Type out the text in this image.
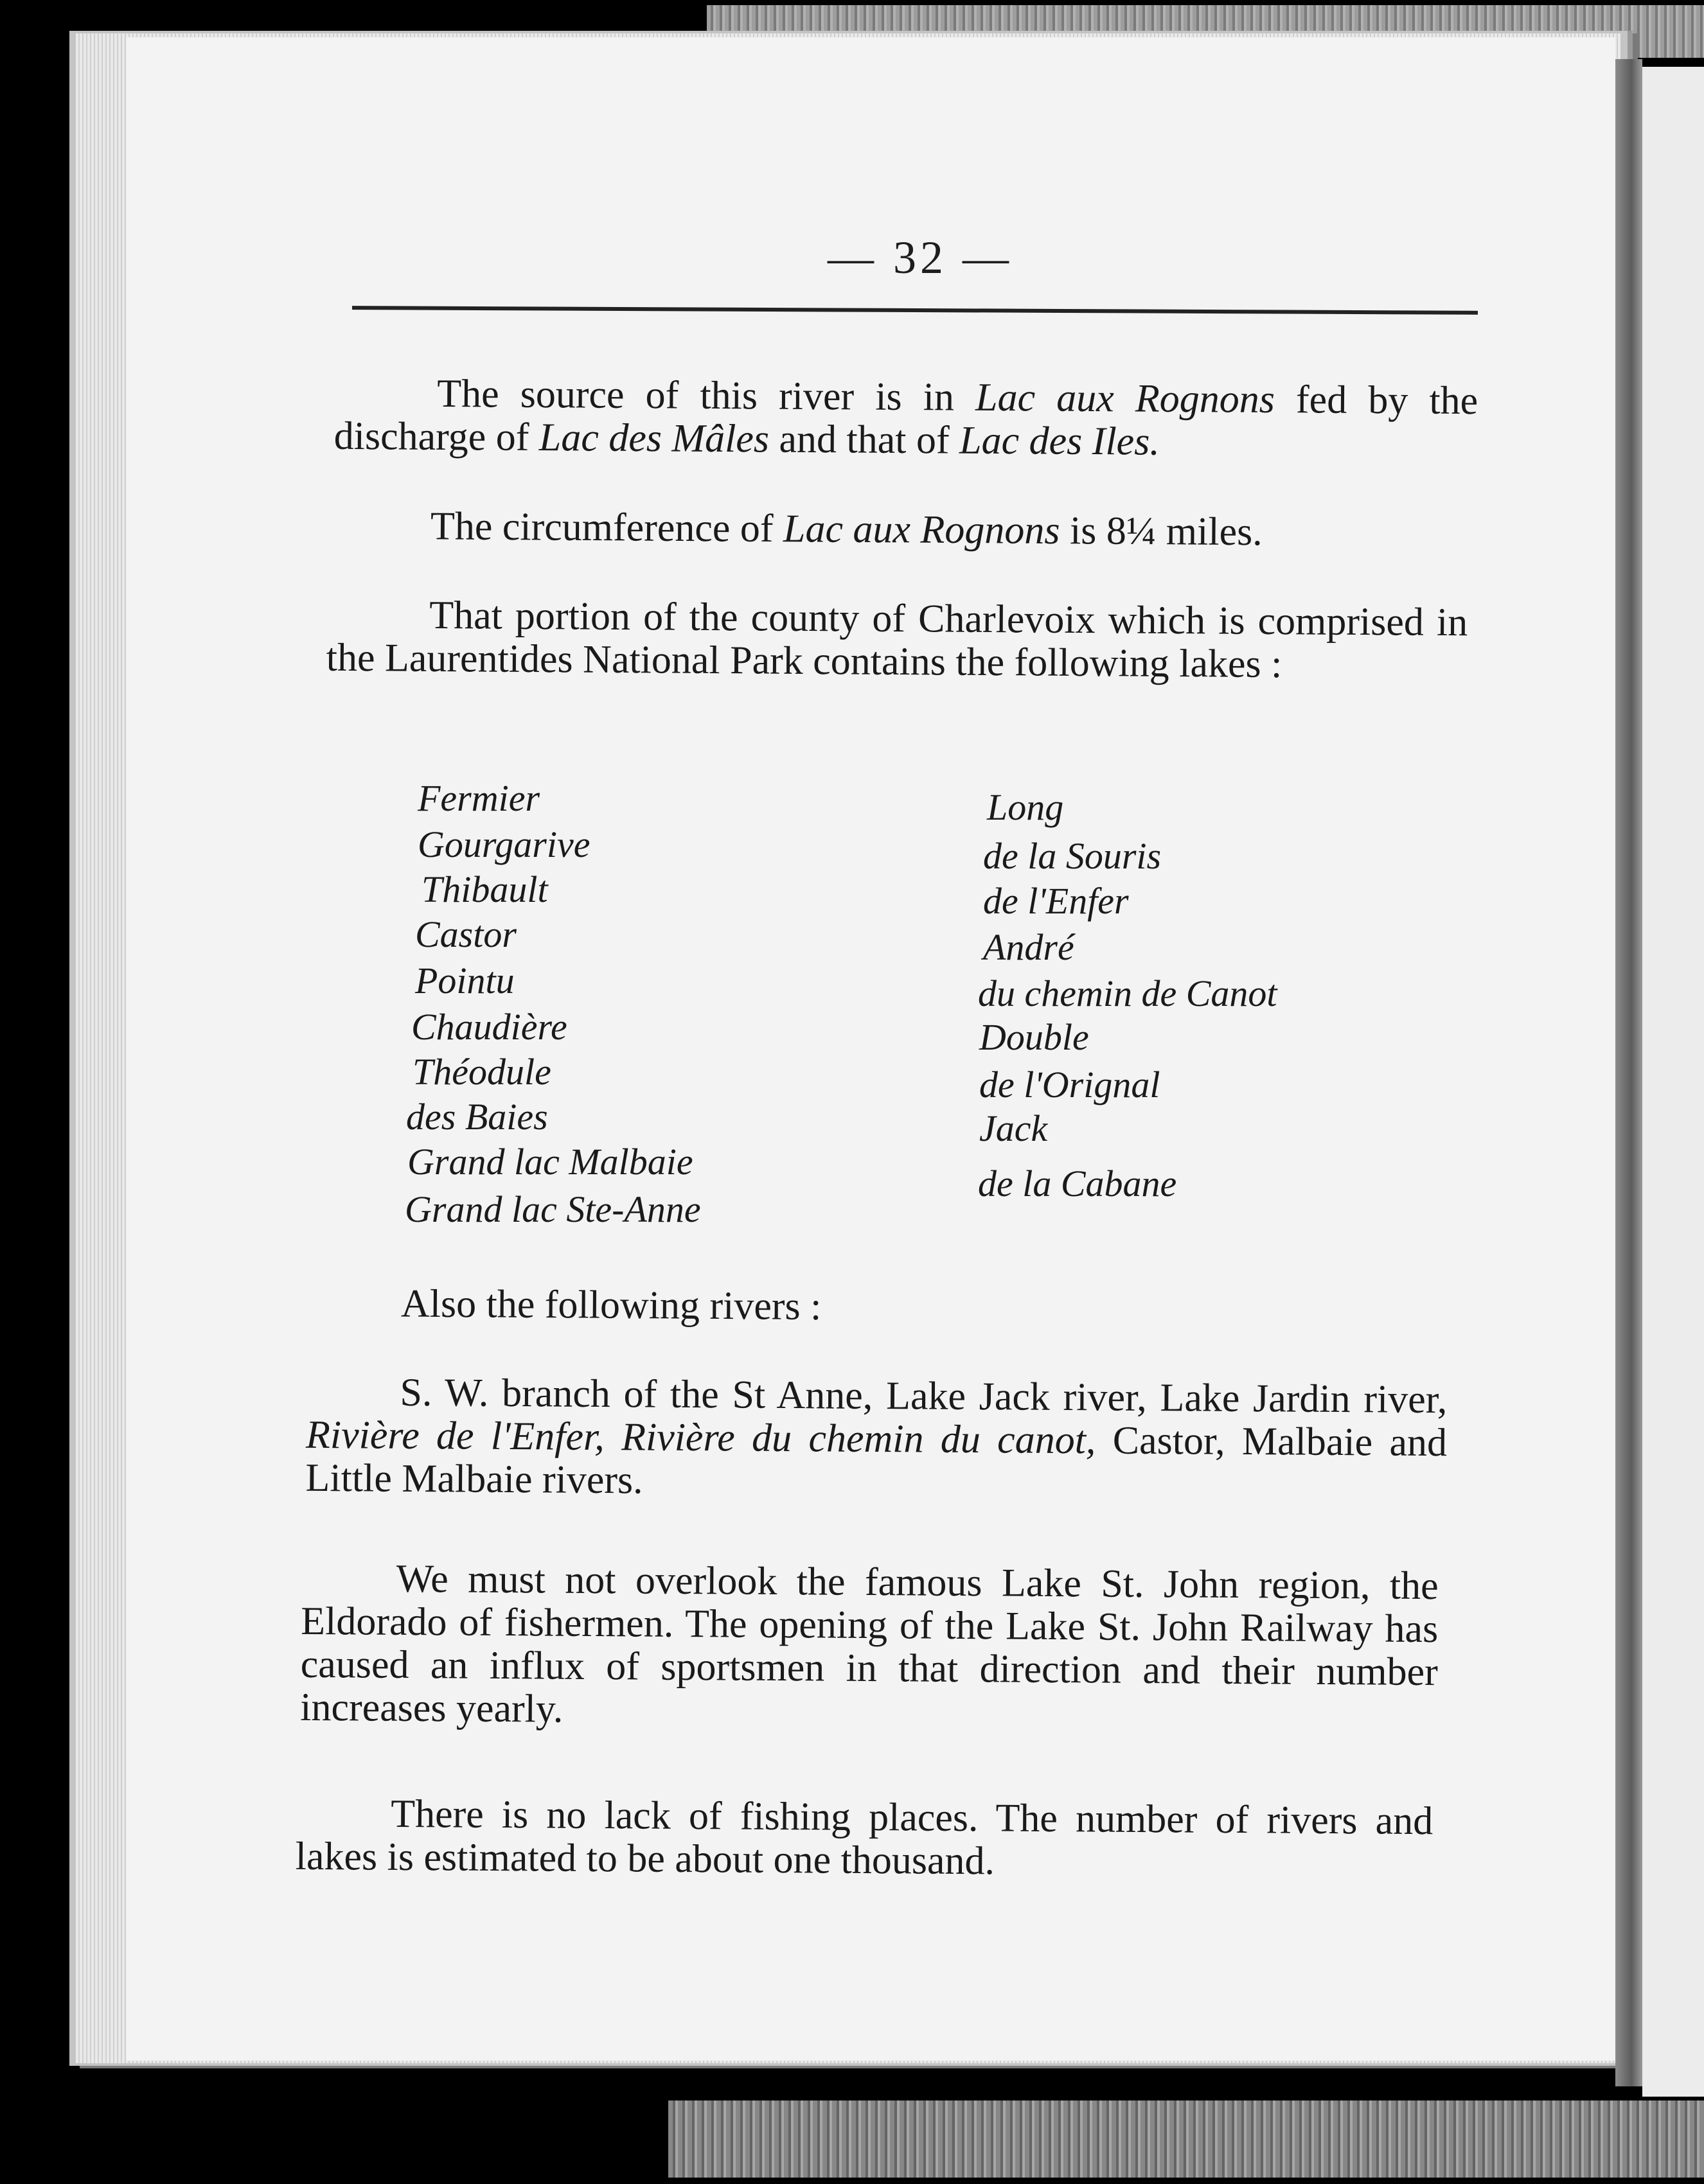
— 32 —
The source of this river is in Lac aux Rognons fed by the discharge of Lac des Mâles and that of Lac des Iles.
The circumference of Lac aux Rognons is 8¼ miles.
That portion of the county of Charlevoix which is comprised in the Laurentides National Park contains the following lakes :
Fermier
Gourgarive
Thibault
Castor
Pointu
Chaudière
Théodule
des Baies
Grand lac Malbaie
Grand lac Ste-Anne
Long
de la Souris
de l'Enfer
André
du chemin de Canot
Double
de l'Orignal
Jack
de la Cabane
Also the following rivers :
S. W. branch of the St Anne, Lake Jack river, Lake Jardin river, Rivière de l'Enfer, Rivière du chemin du canot, Castor, Malbaie and Little Malbaie rivers.
We must not overlook the famous Lake St. John region, the Eldorado of fishermen. The opening of the Lake St. John Railway has caused an influx of sportsmen in that direction and their number increases yearly.
There is no lack of fishing places. The number of rivers and lakes is estimated to be about one thousand.
